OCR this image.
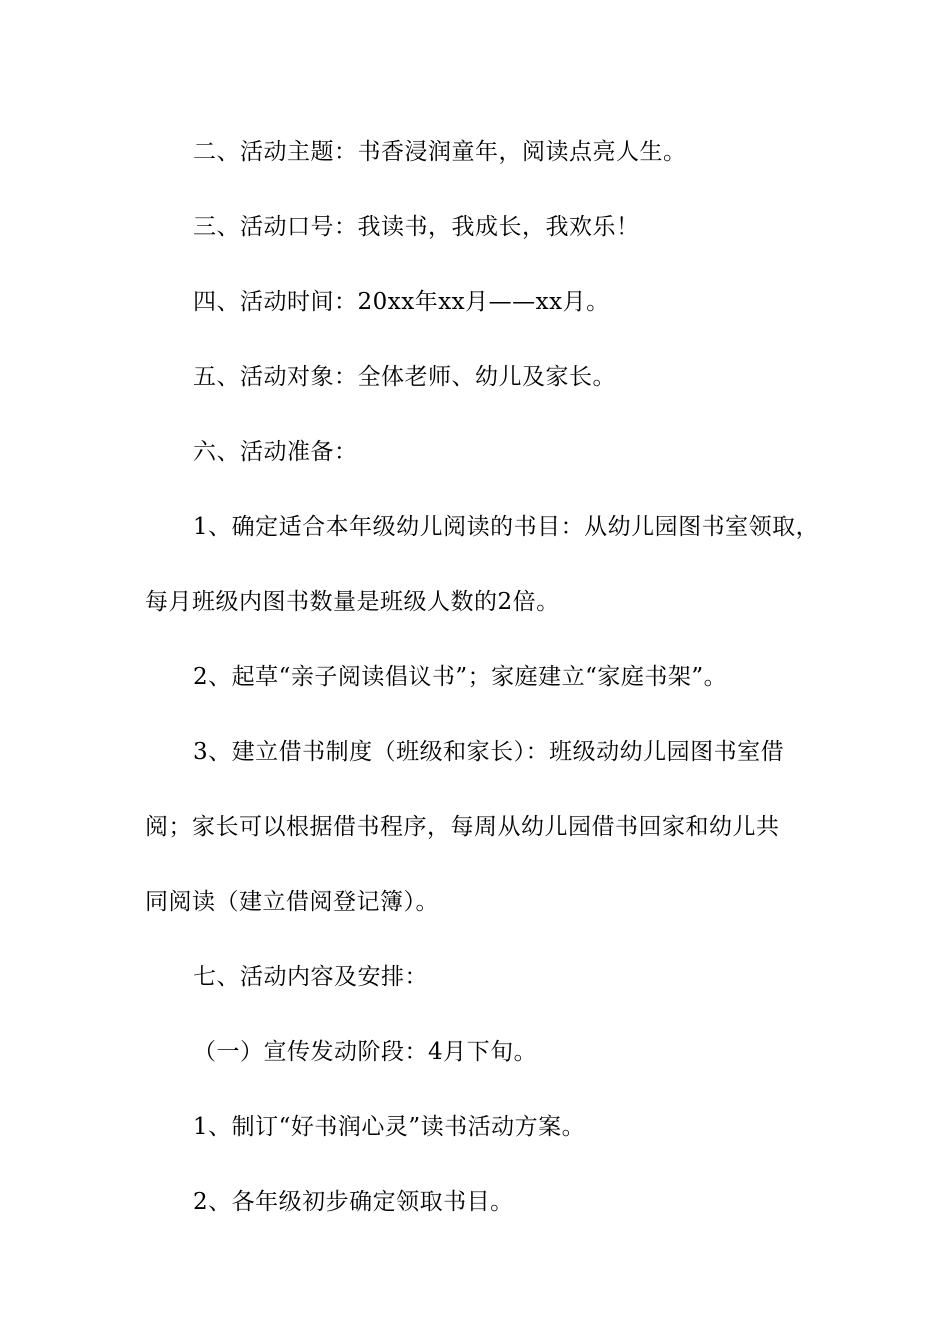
二、活动主题：书香浸润童年，阅读点亮人生。
三、活动口号：我读书，我成长，我欢乐！
四、活动时间：20xx年xx月——xx月。
五、活动对象：全体老师、幼儿及家长。
六、活动准备：
1、确定适合本年级幼儿阅读的书目：从幼儿园图书室领取，
每月班级内图书数量是班级人数的2倍。
2、起草“亲子阅读倡议书”；家庭建立“家庭书架”。
3、建立借书制度（班级和家长）：班级动幼儿园图书室借
阅；家长可以根据借书程序，每周从幼儿园借书回家和幼儿共
同阅读（建立借阅登记簿）。
七、活动内容及安排：
（一）宣传发动阶段：4月下旬。
1、制订“好书润心灵”读书活动方案。
2、各年级初步确定领取书目。
